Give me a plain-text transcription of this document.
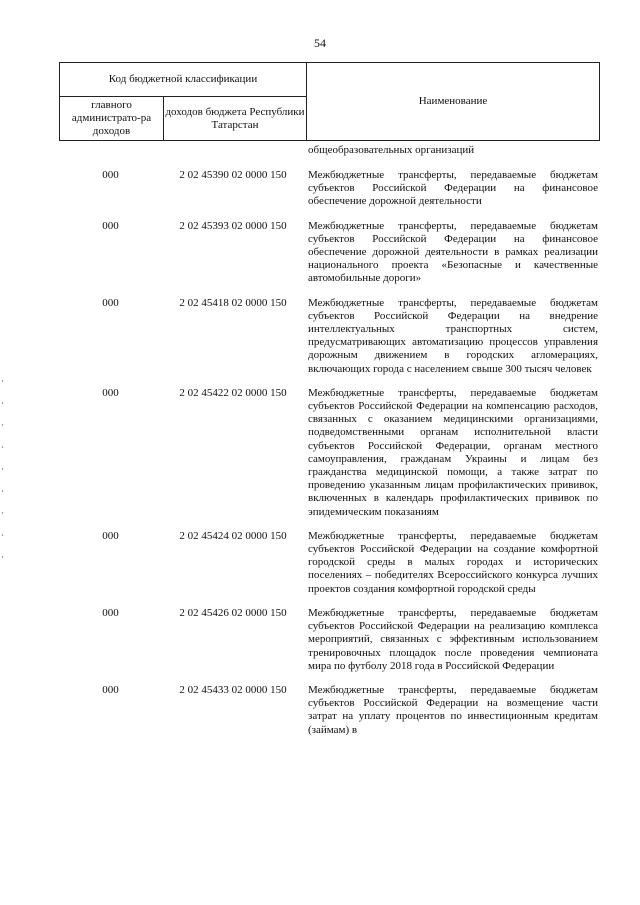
54
Код бюджетной классификации		Наименование
главного администрато-ра доходов	доходов бюджета Республики Татарстан	
общеобразовательных организаций
000	2 02 45390 02 0000 150	Межбюджетные трансферты, передаваемые бюджетам субъектов Российской Федерации на финансовое обеспечение дорожной деятельности
000	2 02 45393 02 0000 150	Межбюджетные трансферты, передаваемые бюджетам субъектов Российской Федерации на финансовое обеспечение дорожной деятельности в рамках реализации национального проекта «Безопасные и качественные автомобильные дороги»
000	2 02 45418 02 0000 150	Межбюджетные трансферты, передаваемые бюджетам субъектов Российской Федерации на внедрение интеллектуальных транспортных систем, предусматривающих автоматизацию процессов управления дорожным движением в городских агломерациях, включающих города с населением свыше 300 тысяч человек
000	2 02 45422 02 0000 150	Межбюджетные трансферты, передаваемые бюджетам субъектов Российской Федерации на компенсацию расходов, связанных с оказанием медицинскими организациями, подведомственными органам исполнительной власти субъектов Российской Федерации, органам местного самоуправления, гражданам Украины и лицам без гражданства медицинской помощи, а также затрат по проведению указанным лицам профилактических прививок, включенных в календарь профилактических прививок по эпидемическим показаниям
000	2 02 45424 02 0000 150	Межбюджетные трансферты, передаваемые бюджетам субъектов Российской Федерации на создание комфортной городской среды в малых городах и исторических поселениях – победителях Всероссийского конкурса лучших проектов создания комфортной городской среды
000	2 02 45426 02 0000 150	Межбюджетные трансферты, передаваемые бюджетам субъектов Российской Федерации на реализацию комплекса мероприятий, связанных с эффективным использованием тренировочных площадок после проведения чемпионата мира по футболу 2018 года в Российской Федерации
000	2 02 45433 02 0000 150	Межбюджетные трансферты, передаваемые бюджетам субъектов Российской Федерации на возмещение части затрат на уплату процентов по инвестиционным кредитам (займам) в
